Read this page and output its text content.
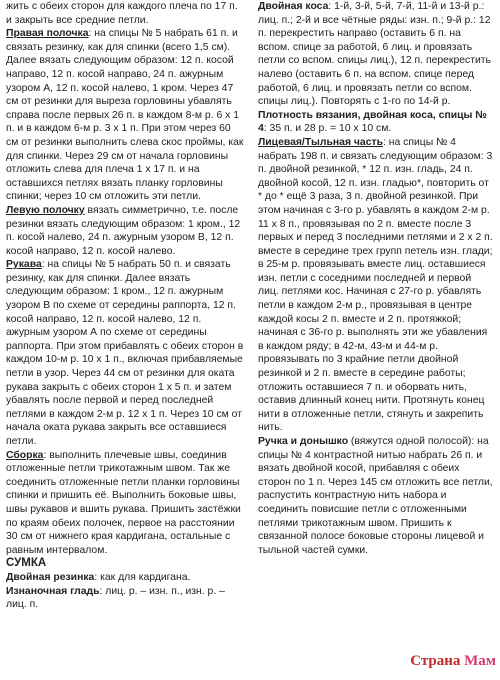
жить с обеих сторон для каждого плеча по 17 п. и закрыть все средние петли.

Правая полочка: на спицы № 5 набрать 61 п. и связать резинку, как для спинки (всего 1,5 см). Далее вязать следующим образом: 12 п. косой направо, 12 п. косой направо, 24 п. ажурным узором А, 12 п. косой налево, 1 кром. Через 47 см от резинки для выреза горловины убавлять справа после первых 26 п. в каждом 8-м р. 6 х 1 п. и в каждом 6-м р. 3 х 1 п. При этом через 60 см от резинки выполнить слева скос проймы, как для спинки. Через 29 см от начала горловины отложить слева для плеча 1 х 17 п. и на оставшихся петлях вязать планку горловины спинки; через 10 см отложить эти петли.

Левую полочку вязать симметрично, т.е. после резинки вязать следующим образом: 1 кром., 12 п. косой налево, 24 п. ажурным узором В, 12 п. косой направо, 12 п. косой налево.

Рукава: на спицы № 5 набрать 50 п. и связать резинку, как для спинки. Далее вязать следующим образом: 1 кром., 12 п. ажурным узором В по схеме от середины раппорта, 12 п. косой направо, 12 п. косой налево, 12 п. ажурным узором А по схеме от середины раппорта. При этом прибавлять с обеих сторон в каждом 10-м р. 10 х 1 п., включая прибавляемые петли в узор. Через 44 см от резинки для оката рукава закрыть с обеих сторон 1 х 5 п. и затем убавлять после первой и перед последней петлями в каждом 2-м р. 12 х 1 п. Через 10 см от начала оката рукава закрыть все оставшиеся петли.

Сборка: выполнить плечевые швы, соединив отложенные петли трикотажным швом. Так же соединить отложенные петли планки горловины спинки и пришить её. Выполнить боковые швы, швы рукавов и вшить рукава. Пришить застёжки по краям обеих полочек, первое на расстоянии 30 см от нижнего края кардигана, остальные с равным интервалом.

СУМКА

Двойная резинка: как для кардигана.

Изнаночная гладь: лиц. р. – изн. п., изн. р. – лиц. п.

Двойная коса: 1-й, 3-й, 5-й, 7-й, 11-й и 13-й р.: лиц. п.; 2-й и все чётные ряды: изн. п.; 9-й р.: 12 п. перекрестить направо (оставить 6 п. на вспом. спице за работой, 6 лиц. и провязать петли со вспом. спицы лиц.), 12 п. перекрестить налево (оставить 6 п. на вспом. спице перед работой, 6 лиц. и провязать петли со вспом. спицы лиц.). Повторять с 1-го по 14-й р.

Плотность вязания, двойная коса, спицы № 4: 35 п. и 28 р. = 10 х 10 см.

Лицевая/Тыльная часть: на спицы № 4 набрать 198 п. и связать следующим образом: 3 п. двойной резинкой, * 12 п. изн. гладь, 24 п. двойной косой, 12 п. изн. гладью*, повторить от * до * ещё 3 раза, 3 п. двойной резинкой. При этом начиная с 3-го р. убавлять в каждом 2-м р. 11 х 8 п., провязывая по 2 п. вместе после 3 первых и перед 3 последними петлями и 2 х 2 п. вместе в середине трех групп петель изн. глади; в 25-м р. провязывать вместе лиц. оставшиеся изн. петли с соседними последней и первой лиц. петлями кос. Начиная с 27-го р. убавлять петли в каждом 2-м р., провязывая в центре каждой косы 2 п. вместе и 2 п. протяжкой; начиная с 36-го р. выполнять эти же убавления в каждом ряду; в 42-м, 43-м и 44-м р. провязывать по 3 крайние петли двойной резинкой и 2 п. вместе в середине работы; отложить оставшиеся 7 п. и оборвать нить, оставив длинный конец нити. Протянуть конец нити в отложенные петли, стянуть и закрепить нить.

Ручка и донышко (вяжутся одной полосой): на спицы № 4 контрастной нитью набрать 26 п. и вязать двойной косой, прибавляя с обеих сторон по 1 п. Через 145 см отложить все петли, распустить контрастную нить набора и соединить повисшие петли с отложенными петлями трикотажным швом. Пришить к связанной полосе боковые стороны лицевой и тыльной частей сумки.

Страна Мам
